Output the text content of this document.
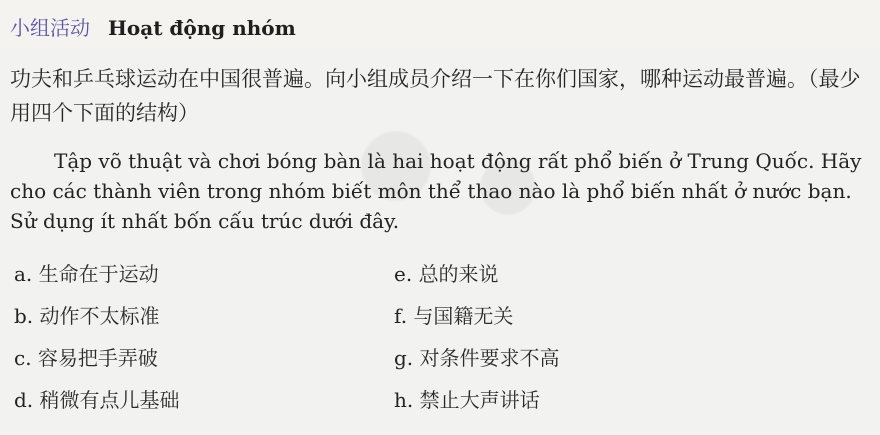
小组活动 Hoạt động nhóm
功夫和乒乓球运动在中国很普遍。向小组成员介绍一下在你们国家，哪种运动最普遍。（最少用四个下面的结构）
Tập võ thuật và chơi bóng bàn là hai hoạt động rất phổ biến ở Trung Quốc. Hãy cho các thành viên trong nhóm biết môn thể thao nào là phổ biến nhất ở nước bạn. Sử dụng ít nhất bốn cấu trúc dưới đây.
a. 生命在于运动	e. 总的来说
b. 动作不太标准	f. 与国籍无关
c. 容易把手弄破	g. 对条件要求不高
d. 稍微有点儿基础	h. 禁止大声讲话
